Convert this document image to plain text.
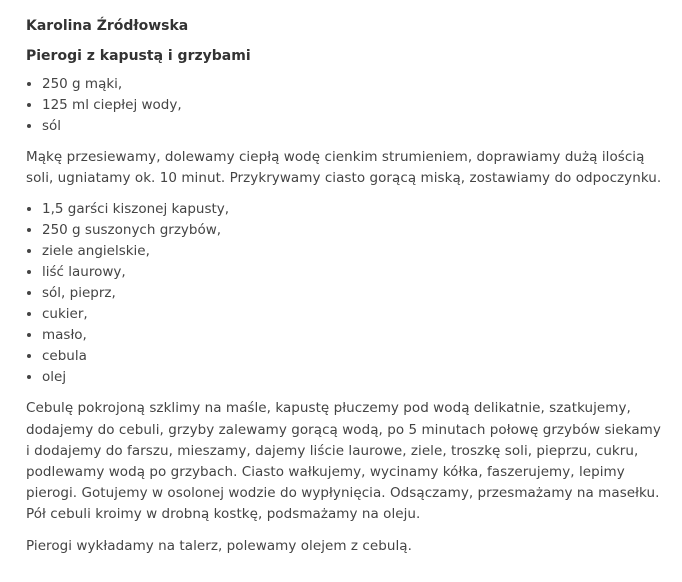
Karolina Źródłowska
Pierogi z kapustą i grzybami
• 250 g mąki,
• 125 ml ciepłej wody,
• sól

Mąkę przesiewamy, dolewamy ciepłą wodę cienkim strumieniem, doprawiamy dużą ilością soli, ugniatamy ok. 10 minut. Przykrywamy ciasto gorącą miską, zostawiamy do odpoczynku.

• 1,5 garści kiszonej kapusty,
• 250 g suszonych grzybów,
• ziele angielskie,
• liść laurowy,
• sól, pieprz,
• cukier,
• masło,
• cebula
• olej

Cebulę pokrojoną szklimy na maśle, kapustę płuczemy pod wodą delikatnie, szatkujemy, dodajemy do cebuli, grzyby zalewamy gorącą wodą, po 5 minutach połowę grzybów siekamy i dodajemy do farszu, mieszamy, dajemy liście laurowe, ziele, troszkę soli, pieprzu, cukru, podlewamy wodą po grzybach. Ciasto wałkujemy, wycinamy kółka, faszerujemy, lepimy pierogi. Gotujemy w osolonej wodzie do wypłynięcia. Odsączamy, przesmażamy na masełku. Pół cebuli kroimy w drobną kostkę, podsmażamy na oleju.

Pierogi wykładamy na talerz, polewamy olejem z cebulą.
